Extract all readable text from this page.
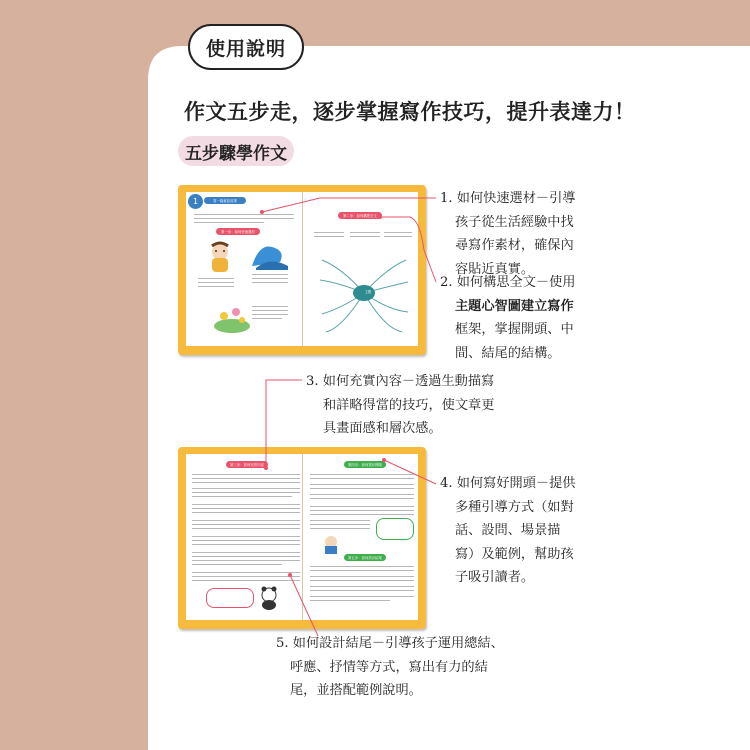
使用說明
作文五步走，逐步掌握寫作技巧，提升表達力！
五步驟學作文
1	寫一篇童話故事
第一步：如何快速選材
第二步：如何構思全文
主題
第三步：如何充實內容	第四步：如何寫好開頭
第五步：如何設計結尾
1. 如何快速選材－引導
孩子從生活經驗中找
尋寫作素材，確保內
容貼近真實。
2. 如何構思全文－使用
主題心智圖建立寫作
框架，掌握開頭、中
間、結尾的結構。
3. 如何充實內容－透過生動描寫
和詳略得當的技巧，使文章更
具畫面感和層次感。
4. 如何寫好開頭－提供
多種引導方式（如對
話、設問、場景描
寫）及範例，幫助孩
子吸引讀者。
5. 如何設計結尾－引導孩子運用總結、
呼應、抒情等方式，寫出有力的結
尾，並搭配範例說明。
